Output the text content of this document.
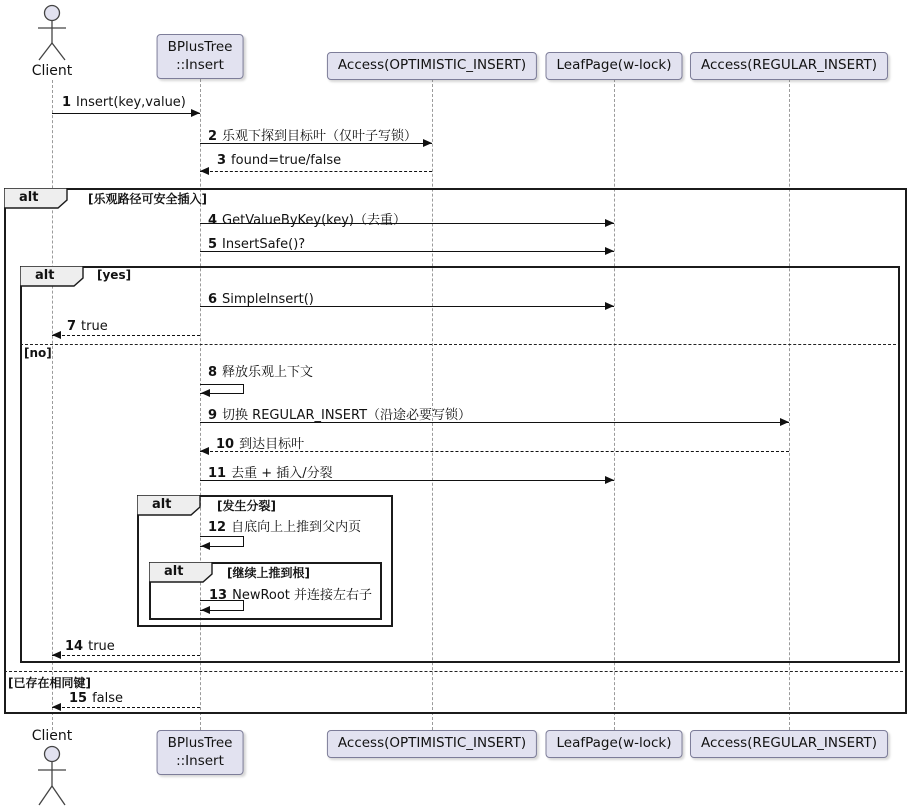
Client
BPlusTree
::Insert	Access(OPTIMISTIC_INSERT)	LeafPage(w-lock)	Access(REGULAR_INSERT)
alt	[乐观路径可安全插入]
[已存在相同键]
alt	[yes]
[no]
alt	[发生分裂]
alt	[继续上推到根]
1 Insert(key,value)
2 乐观下探到目标叶（仅叶子写锁）
3 found=true/false
4 GetValueByKey(key)（去重）
5 InsertSafe()?
6 SimpleInsert()
7 true
8 释放乐观上下文
9 切换 REGULAR_INSERT（沿途必要写锁）
10 到达目标叶
11 去重 + 插入/分裂
12 自底向上上推到父内页
13 NewRoot 并连接左右子
14 true
15 false
Client	BPlusTree
::Insert
Access(OPTIMISTIC_INSERT)	LeafPage(w-lock)	Access(REGULAR_INSERT)
